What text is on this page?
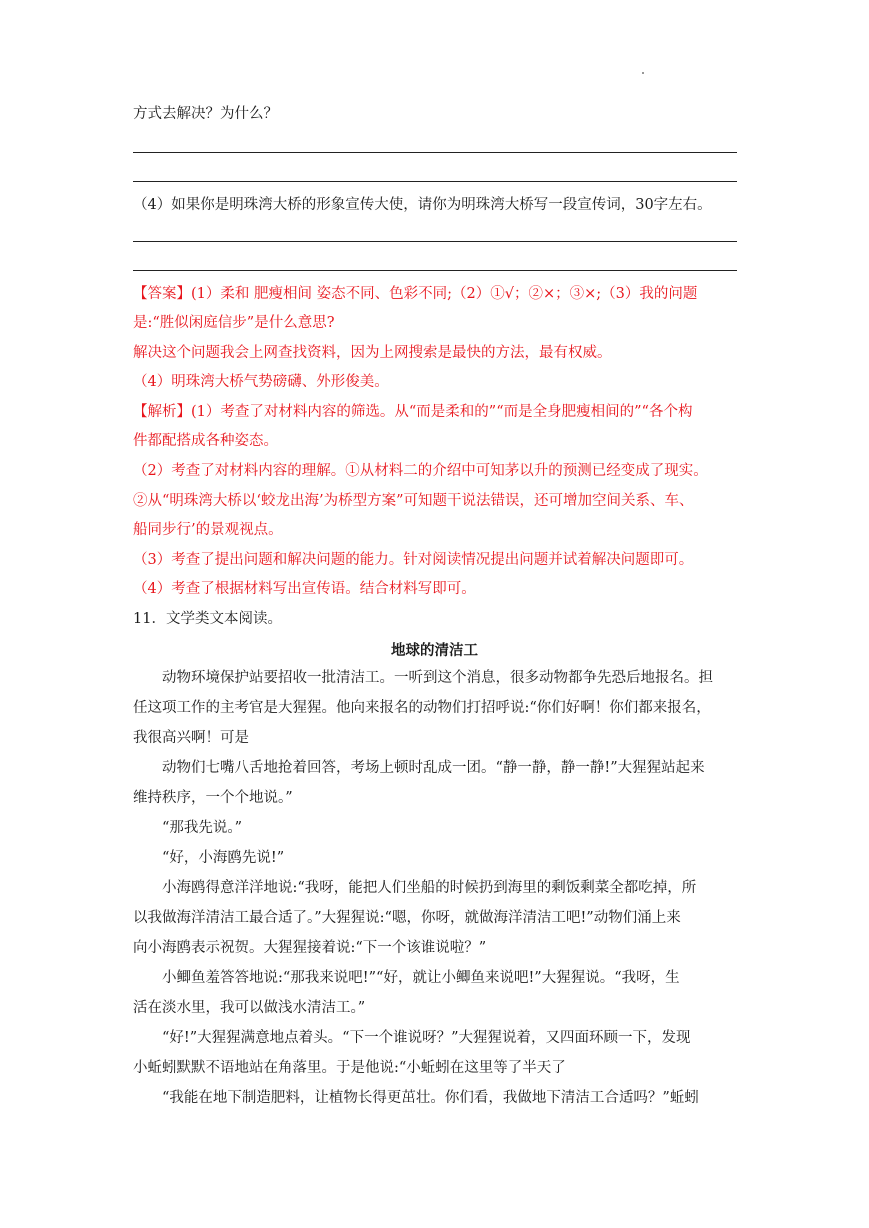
方式去解决？为什么？
（4）如果你是明珠湾大桥的形象宣传大使，请你为明珠湾大桥写一段宣传词，30字左右。
【答案】(1）柔和 肥瘦相间 姿态不同、色彩不同;（2）①√；②×；③×;（3）我的问题
是:“胜似闲庭信步”是什么意思?
解决这个问题我会上网查找资料，因为上网搜索是最快的方法，最有权威。
（4）明珠湾大桥气势磅礴、外形俊美。
【解析】(1）考查了对材料内容的筛选。从“而是柔和的”“而是全身肥瘦相间的”“各个构
件都配搭成各种姿态。
（2）考查了对材料内容的理解。①从材料二的介绍中可知茅以升的预测已经变成了现实。
②从“明珠湾大桥以‘蛟龙出海’为桥型方案”可知题干说法错误，还可增加空间关系、车、
船同步行’的景观视点。
（3）考查了提出问题和解决问题的能力。针对阅读情况提出问题并试着解决问题即可。
（4）考查了根据材料写出宣传语。结合材料写即可。
11．文学类文本阅读。
地球的清洁工
动物环境保护站要招收一批清洁工。一听到这个消息，很多动物都争先恐后地报名。担
任这项工作的主考官是大猩猩。他向来报名的动物们打招呼说:“你们好啊！你们都来报名，
我很高兴啊！可是
动物们七嘴八舌地抢着回答，考场上顿时乱成一团。“静一静，静一静!”大猩猩站起来
维持秩序，一个个地说。”
“那我先说。”
“好，小海鸥先说!”
小海鸥得意洋洋地说:“我呀，能把人们坐船的时候扔到海里的剩饭剩菜全都吃掉，所
以我做海洋清洁工最合适了。”大猩猩说:“嗯，你呀，就做海洋清洁工吧!”动物们涌上来
向小海鸥表示祝贺。大猩猩接着说:“下一个该谁说啦？”
小鲫鱼羞答答地说:“那我来说吧!”“好，就让小鲫鱼来说吧!”大猩猩说。“我呀，生
活在淡水里，我可以做浅水清洁工。”
“好!”大猩猩满意地点着头。“下一个谁说呀？”大猩猩说着，又四面环顾一下，发现
小蚯蚓默默不语地站在角落里。于是他说:“小蚯蚓在这里等了半天了
“我能在地下制造肥料，让植物长得更茁壮。你们看，我做地下清洁工合适吗？”蚯蚓
